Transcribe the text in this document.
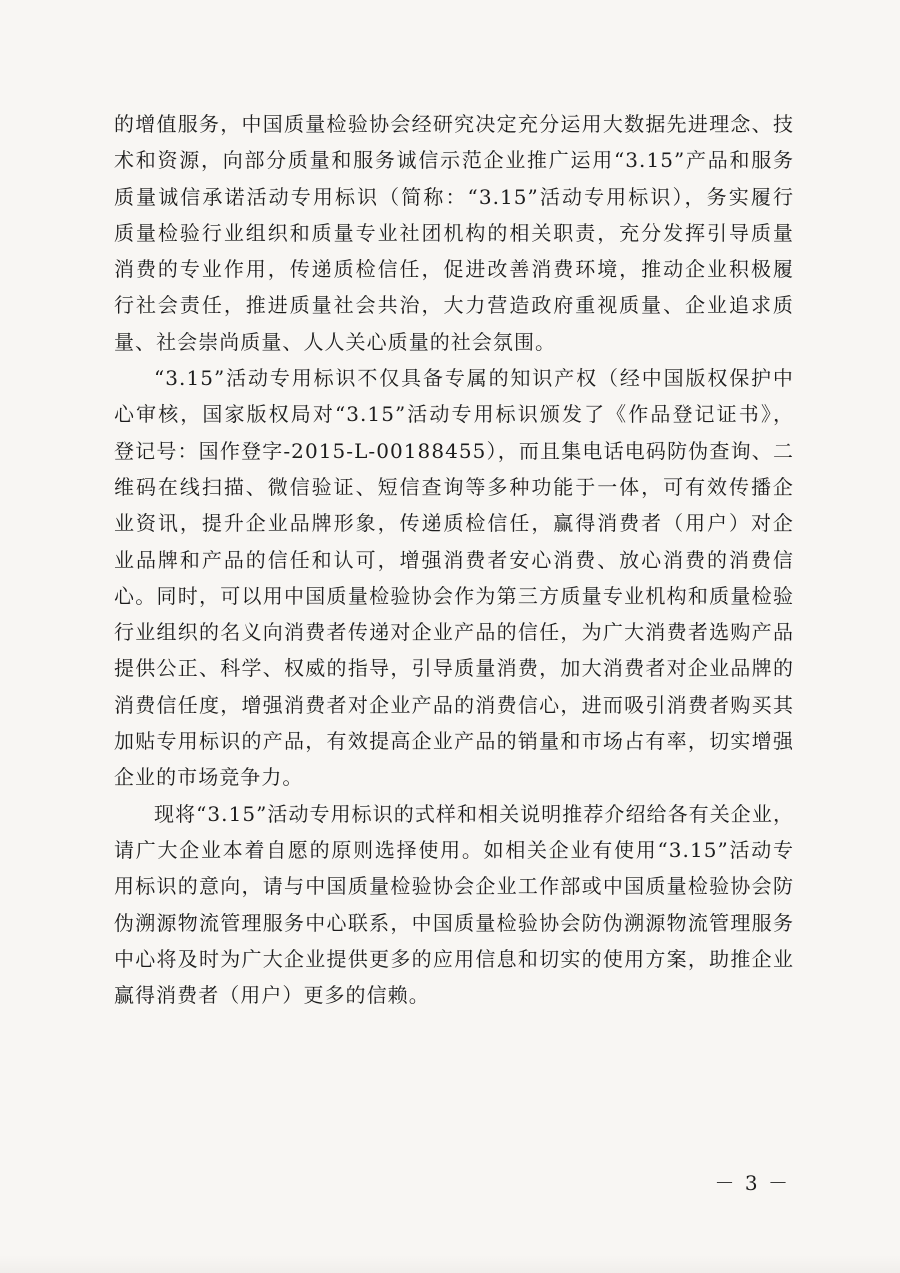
的增值服务，中国质量检验协会经研究决定充分运用大数据先进理念、技
术和资源，向部分质量和服务诚信示范企业推广运用“3.15”产品和服务
质量诚信承诺活动专用标识（简称：“3.15”活动专用标识），务实履行
质量检验行业组织和质量专业社团机构的相关职责，充分发挥引导质量
消费的专业作用，传递质检信任，促进改善消费环境，推动企业积极履
行社会责任，推进质量社会共治，大力营造政府重视质量、企业追求质
量、社会崇尚质量、人人关心质量的社会氛围。
“3.15”活动专用标识不仅具备专属的知识产权（经中国版权保护中
心审核，国家版权局对“3.15”活动专用标识颁发了《作品登记证书》，
登记号：国作登字-2015-L-00188455），而且集电话电码防伪查询、二
维码在线扫描、微信验证、短信查询等多种功能于一体，可有效传播企
业资讯，提升企业品牌形象，传递质检信任，赢得消费者（用户）对企
业品牌和产品的信任和认可，增强消费者安心消费、放心消费的消费信
心。同时，可以用中国质量检验协会作为第三方质量专业机构和质量检验
行业组织的名义向消费者传递对企业产品的信任，为广大消费者选购产品
提供公正、科学、权威的指导，引导质量消费，加大消费者对企业品牌的
消费信任度，增强消费者对企业产品的消费信心，进而吸引消费者购买其
加贴专用标识的产品，有效提高企业产品的销量和市场占有率，切实增强
企业的市场竞争力。
现将“3.15”活动专用标识的式样和相关说明推荐介绍给各有关企业，
请广大企业本着自愿的原则选择使用。如相关企业有使用“3.15”活动专
用标识的意向，请与中国质量检验协会企业工作部或中国质量检验协会防
伪溯源物流管理服务中心联系，中国质量检验协会防伪溯源物流管理服务
中心将及时为广大企业提供更多的应用信息和切实的使用方案，助推企业
赢得消费者（用户）更多的信赖。
－ 3 －
